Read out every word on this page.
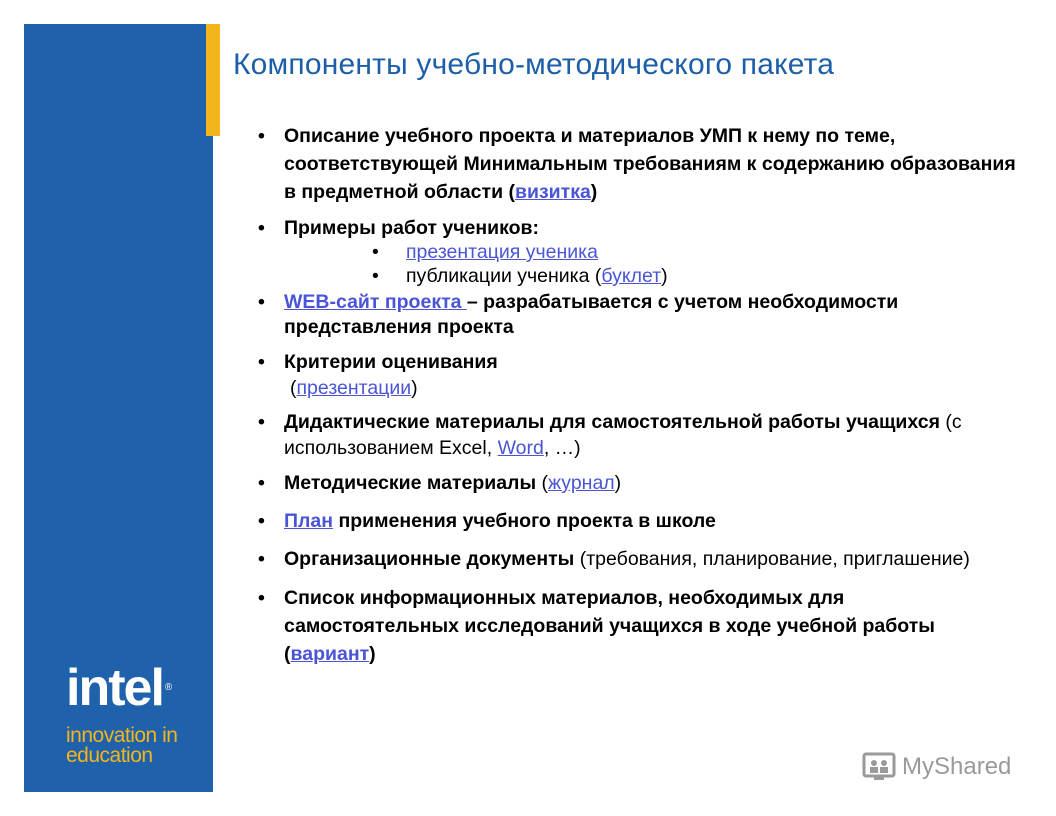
intel ®
innovation in
education
Компоненты учебно-методического пакета
• Описание учебного проекта и материалов УМП к нему по теме, соответствующей Минимальным требованиям к содержанию образования в предметной области (визитка)
• Примеры работ учеников:
• презентация ученика
• публикации ученика (буклет)
• WEB-сайт проекта – разрабатывается с учетом необходимости представления проекта
• Критерии оценивания
(презентации)
• Дидактические материалы для самостоятельной работы учащихся (с использованием Excel, Word, …)
• Методические материалы (журнал)
• План применения учебного проекта в школе
• Организационные документы (требования, планирование, приглашение)
• Список информационных материалов, необходимых для самостоятельных исследований учащихся в ходе учебной работы (вариант)
MyShared
